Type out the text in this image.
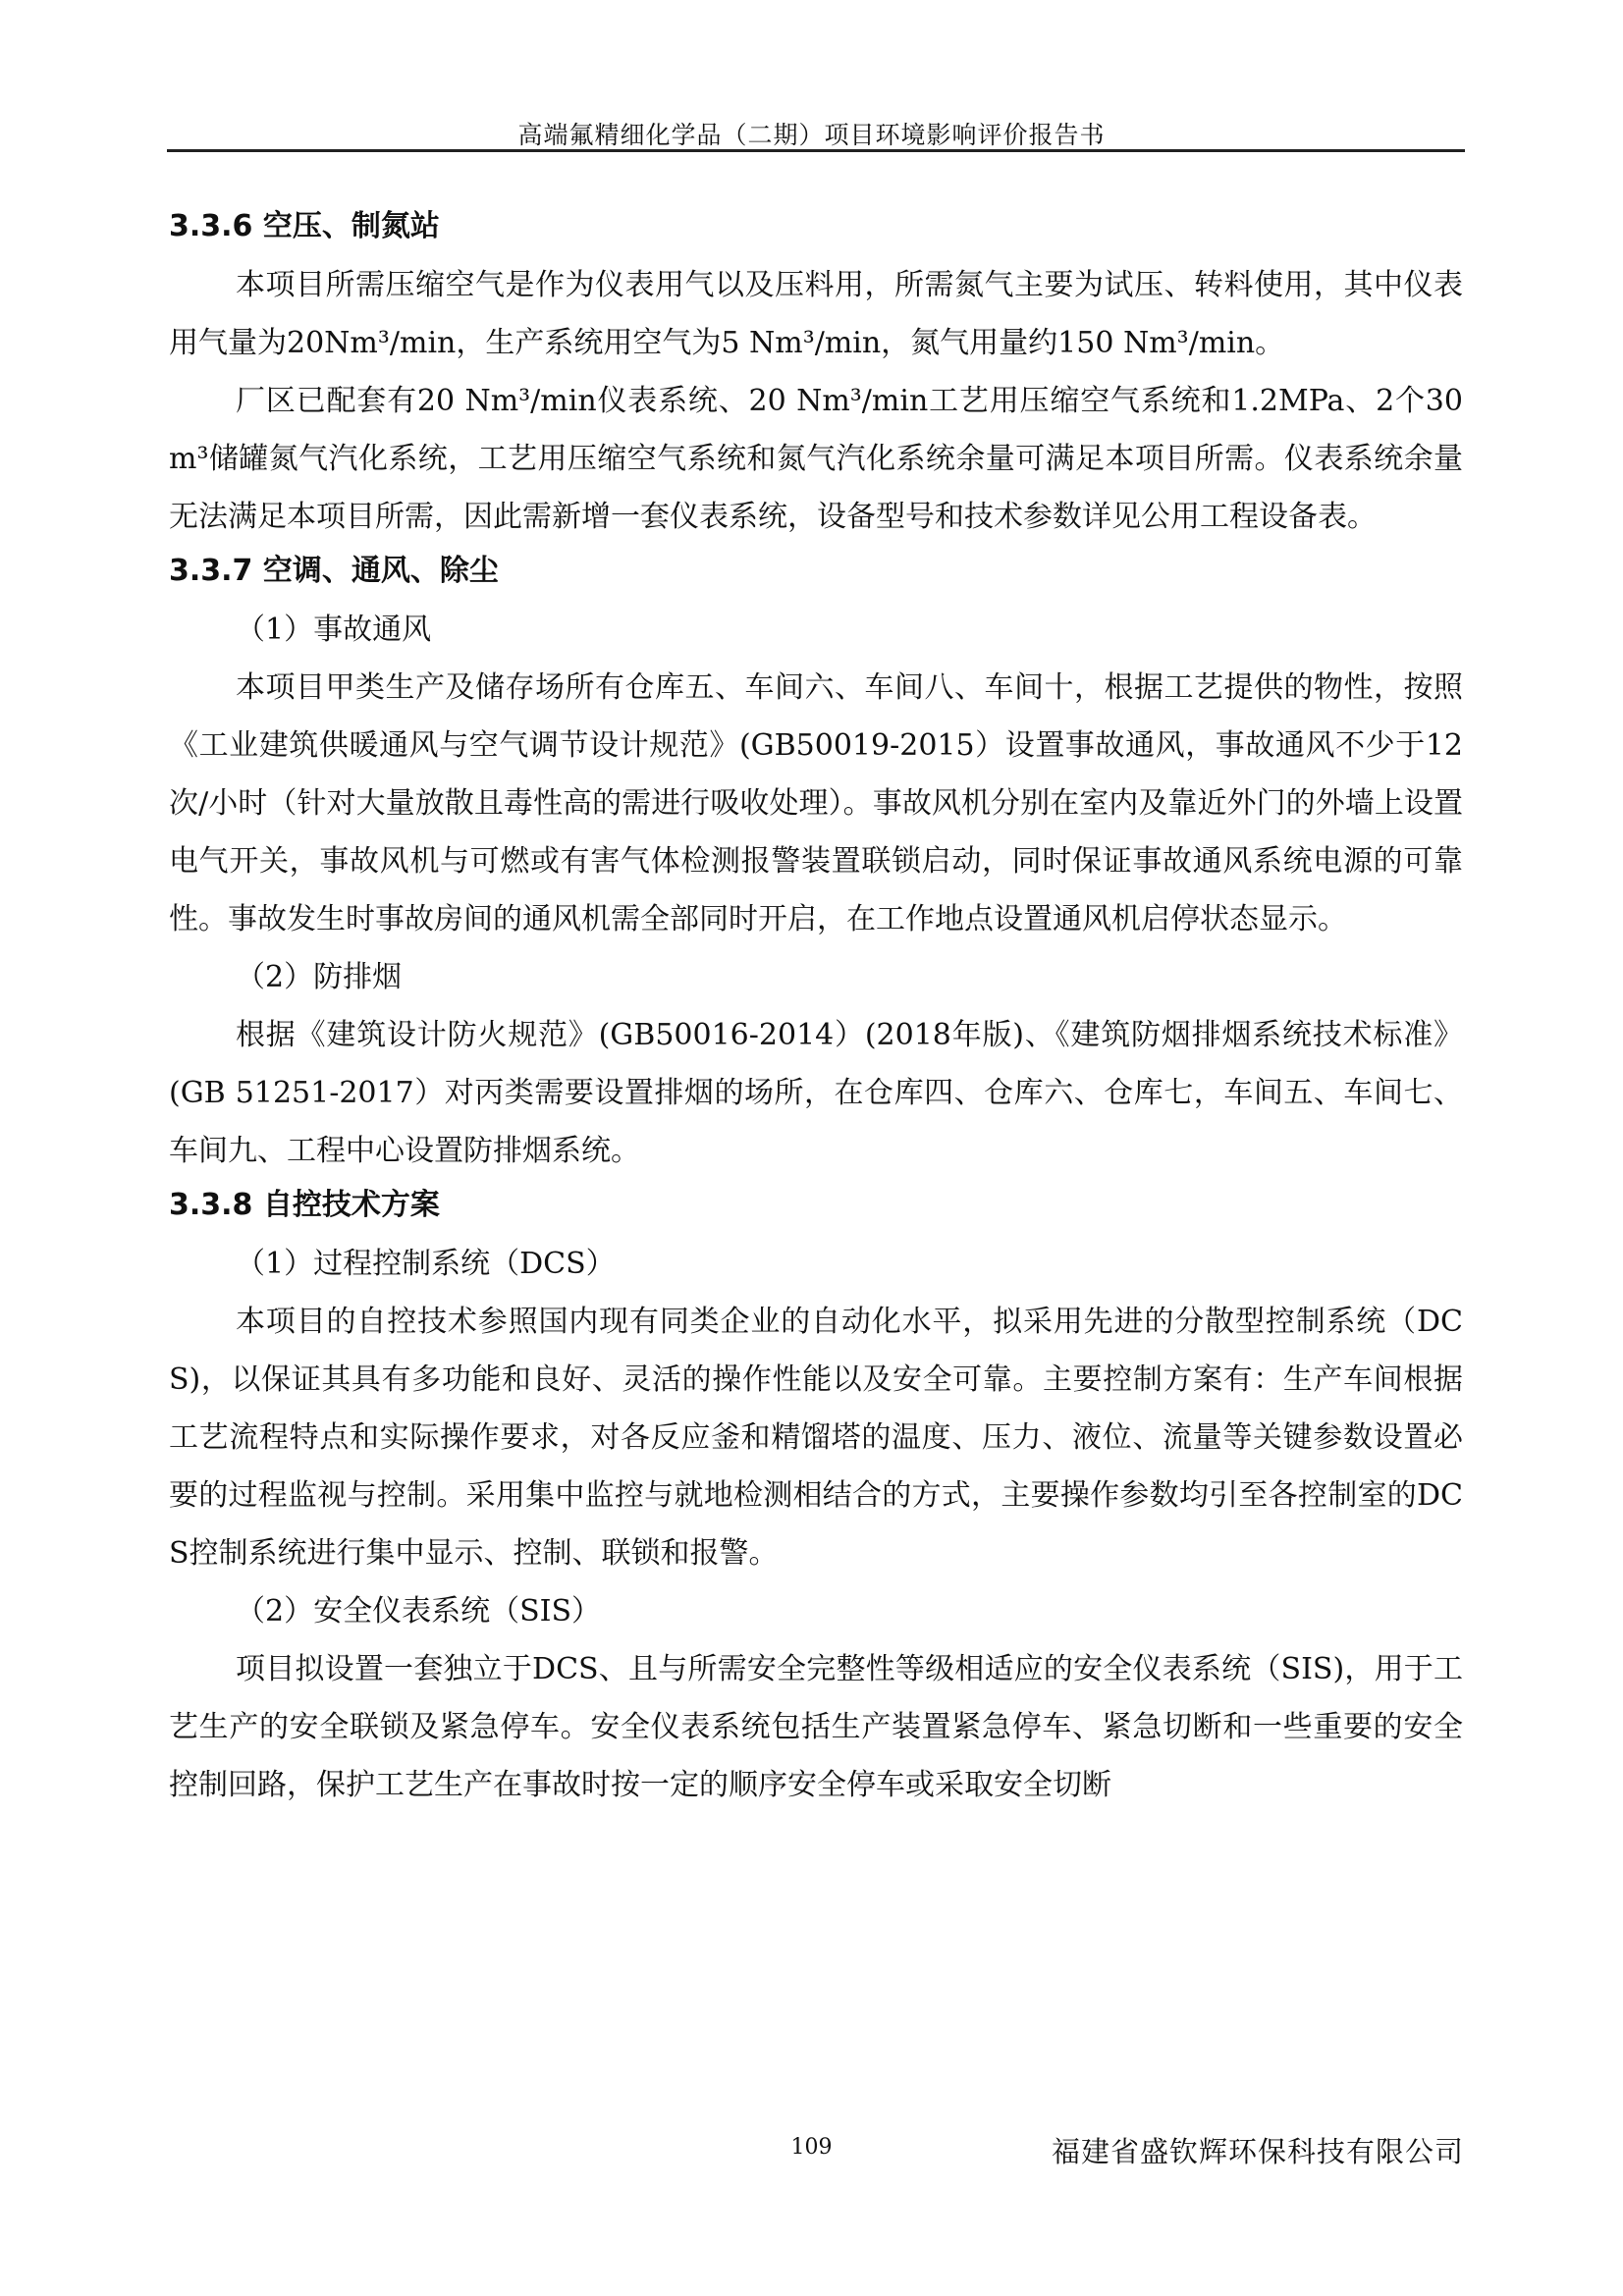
高端氟精细化学品（二期）项目环境影响评价报告书
3.3.6 空压、制氮站

本项目所需压缩空气是作为仪表用气以及压料用，所需氮气主要为试压、转料使用，其中仪表用气量为20Nm³/min，生产系统用空气为5 Nm³/min，氮气用量约150 Nm³/min。

厂区已配套有20 Nm³/min仪表系统、20 Nm³/min工艺用压缩空气系统和1.2MPa、2个30m³储罐氮气汽化系统，工艺用压缩空气系统和氮气汽化系统余量可满足本项目所需。仪表系统余量无法满足本项目所需，因此需新增一套仪表系统，设备型号和技术参数详见公用工程设备表。

3.3.7 空调、通风、除尘

（1）事故通风

本项目甲类生产及储存场所有仓库五、车间六、车间八、车间十，根据工艺提供的物性，按照《工业建筑供暖通风与空气调节设计规范》(GB50019-2015）设置事故通风，事故通风不少于12次/小时（针对大量放散且毒性高的需进行吸收处理）。事故风机分别在室内及靠近外门的外墙上设置电气开关，事故风机与可燃或有害气体检测报警装置联锁启动，同时保证事故通风系统电源的可靠性。事故发生时事故房间的通风机需全部同时开启，在工作地点设置通风机启停状态显示。

（2）防排烟

根据《建筑设计防火规范》(GB50016-2014）(2018年版)、《建筑防烟排烟系统技术标准》(GB 51251-2017）对丙类需要设置排烟的场所，在仓库四、仓库六、仓库七，车间五、车间七、车间九、工程中心设置防排烟系统。

3.3.8 自控技术方案

（1）过程控制系统（DCS）

本项目的自控技术参照国内现有同类企业的自动化水平，拟采用先进的分散型控制系统（DCS)，以保证其具有多功能和良好、灵活的操作性能以及安全可靠。主要控制方案有：生产车间根据工艺流程特点和实际操作要求，对各反应釜和精馏塔的温度、压力、液位、流量等关键参数设置必要的过程监视与控制。采用集中监控与就地检测相结合的方式，主要操作参数均引至各控制室的DCS控制系统进行集中显示、控制、联锁和报警。

（2）安全仪表系统（SIS）

项目拟设置一套独立于DCS、且与所需安全完整性等级相适应的安全仪表系统（SIS)，用于工艺生产的安全联锁及紧急停车。安全仪表系统包括生产装置紧急停车、紧急切断和一些重要的安全控制回路，保护工艺生产在事故时按一定的顺序安全停车或采取安全切断

109	福建省盛钦辉环保科技有限公司
